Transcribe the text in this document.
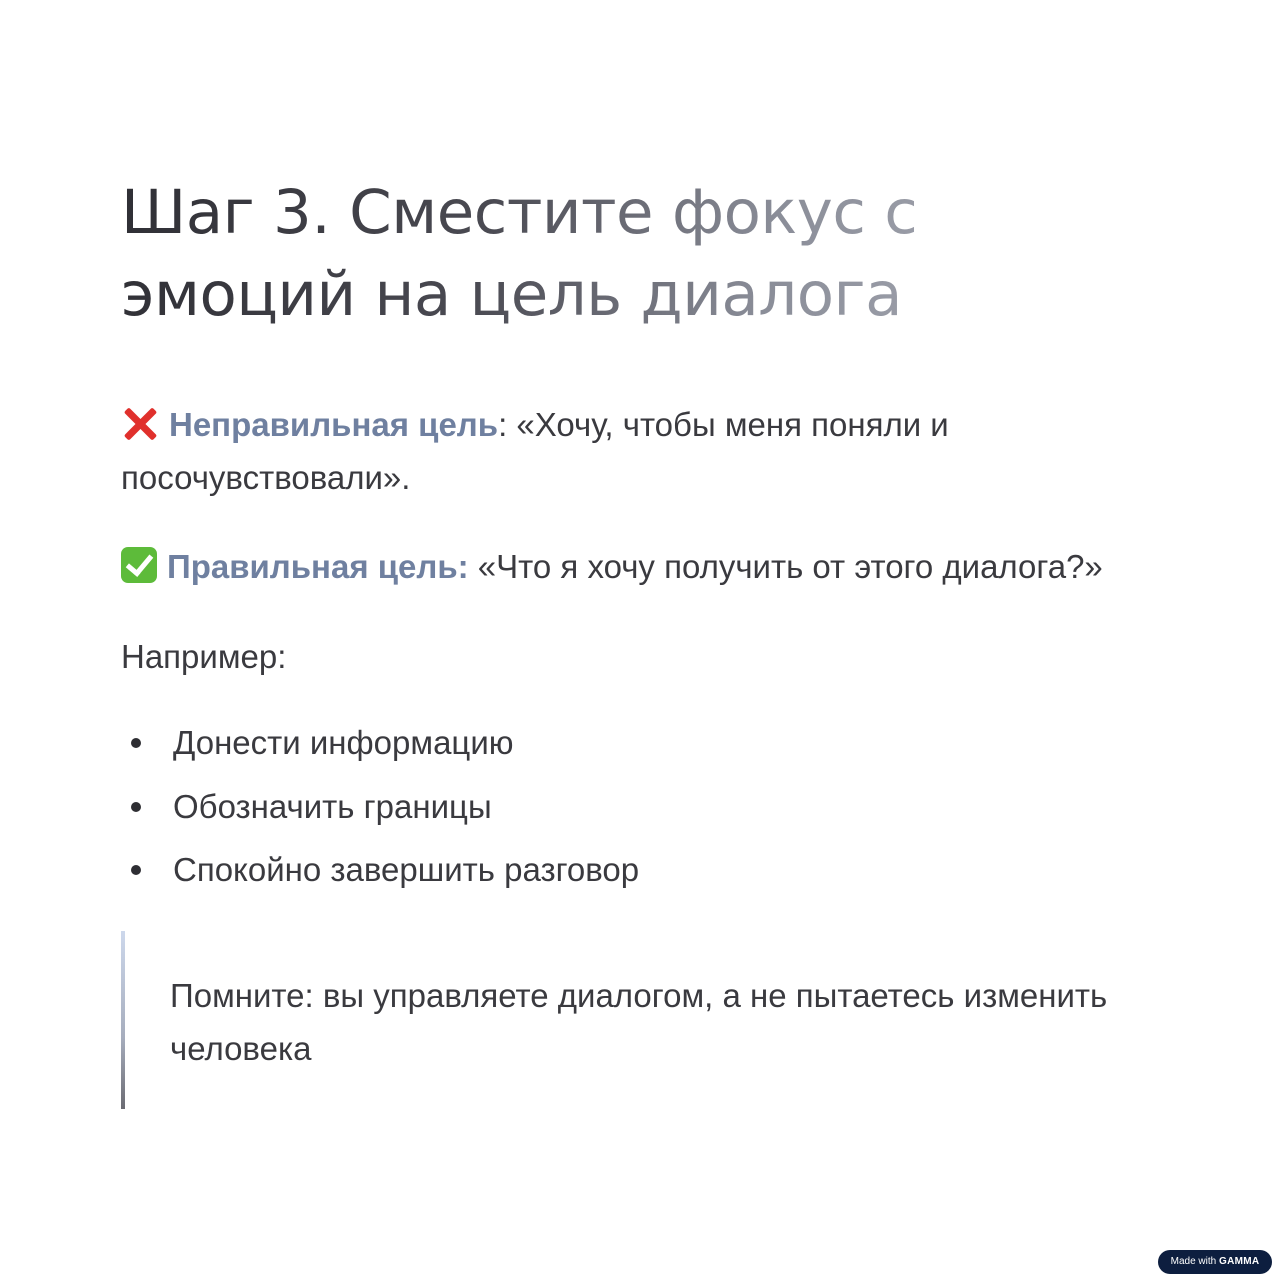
Шаг 3. Сместите фокус с
эмоций на цель диалога

Неправильная цель: «Хочу, чтобы меня поняли и посочувствовали».

Правильная цель: «Что я хочу получить от этого диалога?»

Например:

Донести информацию
Обозначить границы
Спокойно завершить разговор

Помните: вы управляете диалогом, а не пытаетесь изменить человека

Made with GAMMA
